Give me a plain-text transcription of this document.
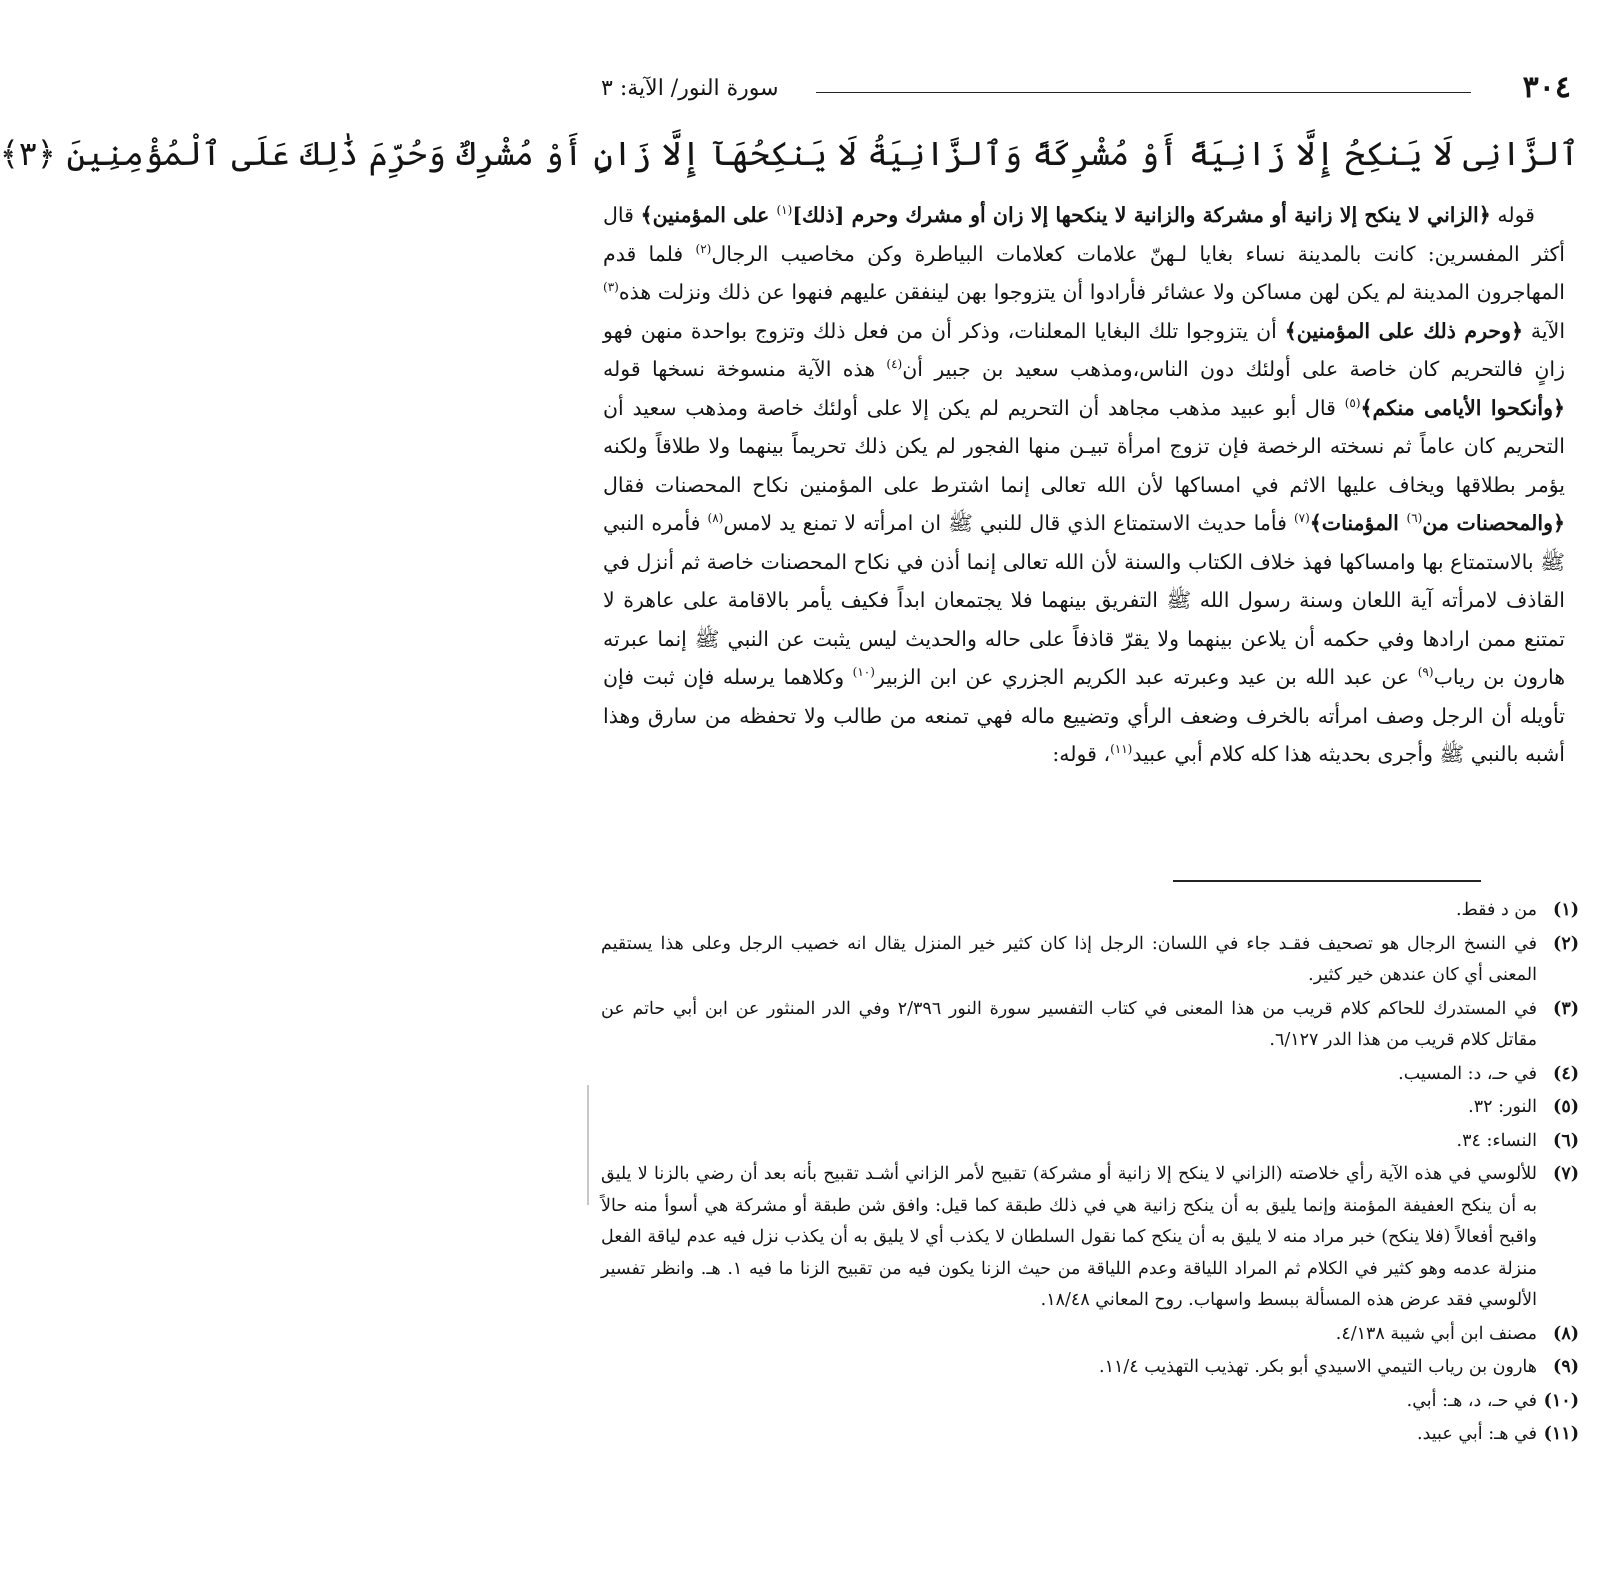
٣٠٤
سورة النور/ الآية: ٣
ٱلزَّانِى لَا يَنكِحُ إِلَّا زَانِيَةً أَوْ مُشْرِكَةً وَٱلزَّانِيَةُ لَا يَنكِحُهَآ إِلَّا زَانٍ أَوْ مُشْرِكٌ وَحُرِّمَ ذَٰلِكَ عَلَى ٱلْمُؤْمِنِينَ ﴿٣﴾

قوله ﴿الزاني لا ينكح إلا زانية أو مشركة والزانية لا ينكحها إلا زان أو مشرك وحرم [ذلك]$^{(١)}$ على المؤمنين﴾ قال أكثر المفسرين: كانت بالمدينة نساء بغايا لـهنّ علامات كعلامات البياطرة وكن مخاصيب الرجال$^{(٢)}$ فلما قدم المهاجرون المدينة لم يكن لهن مساكن ولا عشائر فأرادوا أن يتزوجوا بهن لينفقن عليهم فنهوا عن ذلك ونزلت هذه$^{(٣)}$ الآية ﴿وحرم ذلك على المؤمنين﴾ أن يتزوجوا تلك البغايا المعلنات، وذكر أن من فعل ذلك وتزوج بواحدة منهن فهو زانٍ فالتحريم كان خاصة على أولئك دون الناس،ومذهب سعيد بن جبير أن$^{(٤)}$ هذه الآية منسوخة نسخها قوله ﴿وأنكحوا الأيامى منكم﴾$^{(٥)}$ قال أبو عبيد مذهب مجاهد أن التحريم لم يكن إلا على أولئك خاصة ومذهب سعيد أن التحريم كان عاماً ثم نسخته الرخصة فإن تزوج امرأة تبيـن منها الفجور لم يكن ذلك تحريماً بينهما ولا طلاقاً ولكنه يؤمر بطلاقها ويخاف عليها الاثم في امساكها لأن الله تعالى إنما اشترط على المؤمنين نكاح المحصنات فقال ﴿والمحصنات من$^{(٦)}$ المؤمنات﴾$^{(٧)}$ فأما حديث الاستمتاع الذي قال للنبي ﷺ ان امرأته لا تمنع يد لامس$^{(٨)}$ فأمره النبي ﷺ بالاستمتاع بها وامساكها فهذ خلاف الكتاب والسنة لأن الله تعالى إنما أذن في نكاح المحصنات خاصة ثم أنزل في القاذف لامرأته آية اللعان وسنة رسول الله ﷺ التفريق بينهما فلا يجتمعان ابداً فكيف يأمر بالاقامة على عاهرة لا تمتنع ممن ارادها وفي حكمه أن يلاعن بينهما ولا يقرّ قاذفاً على حاله والحديث ليس يثبت عن النبي ﷺ إنما عبرته هارون بن رياب$^{(٩)}$ عن عبد الله بن عيد وعبرته عبد الكريم الجزري عن ابن الزبير$^{(١٠)}$ وكلاهما يرسله فإن ثبت فإن تأويله أن الرجل وصف امرأته بالخرف وضعف الرأي وتضييع ماله فهي تمنعه من طالب ولا تحفظه من سارق وهذا أشبه بالنبي ﷺ وأجرى بحديثه هذا كله كلام أبي عبيد$^{(١١)}$، قوله:

(١)
من د فقط.
(٢)
في النسخ الرجال هو تصحيف فقـد جاء في اللسان: الرجل إذا كان كثير خير المنزل يقال انه خصيب الرجل وعلى هذا يستقيم المعنى أي كان عندهن خير كثير.
(٣)
في المستدرك للحاكم كلام قريب من هذا المعنى في كتاب التفسير سورة النور ٢/٣٩٦ وفي الدر المنثور عن ابن أبي حاتم عن مقاتل كلام قريب من هذا الدر ٦/١٢٧.
(٤)
في حـ، د: المسيب.
(٥)
النور: ٣٢.
(٦)
النساء: ٣٤.
(٧)
للألوسي في هذه الآية رأي خلاصته (الزاني لا ينكح إلا زانية أو مشركة) تقبيح لأمر الزاني أشـد تقبيح بأنه بعد أن رضي بالزنا لا يليق به أن ينكح العفيفة المؤمنة وإنما يليق به أن ينكح زانية هي في ذلك طبقة كما قيل: وافق شن طبقة أو مشركة هي أسوأ منه حالاً واقبح أفعالاً (فلا ينكح) خبر مراد منه لا يليق به أن ينكح كما نقول السلطان لا يكذب أي لا يليق به أن يكذب نزل فيه عدم لياقة الفعل منزلة عدمه وهو كثير في الكلام ثم المراد اللياقة وعدم اللياقة من حيث الزنا يكون فيه من تقبيح الزنا ما فيه ١. هـ. وانظر تفسير الألوسي فقد عرض هذه المسألة ببسط واسهاب. روح المعاني ١٨/٤٨.
(٨)
مصنف ابن أبي شيبة ٤/١٣٨.
(٩)
هارون بن رياب التيمي الاسيدي أبو بكر. تهذيب التهذيب ١١/٤.
(١٠)
في حـ، د، هـ: أبي.
(١١)
في هـ: أبي عبيد.
